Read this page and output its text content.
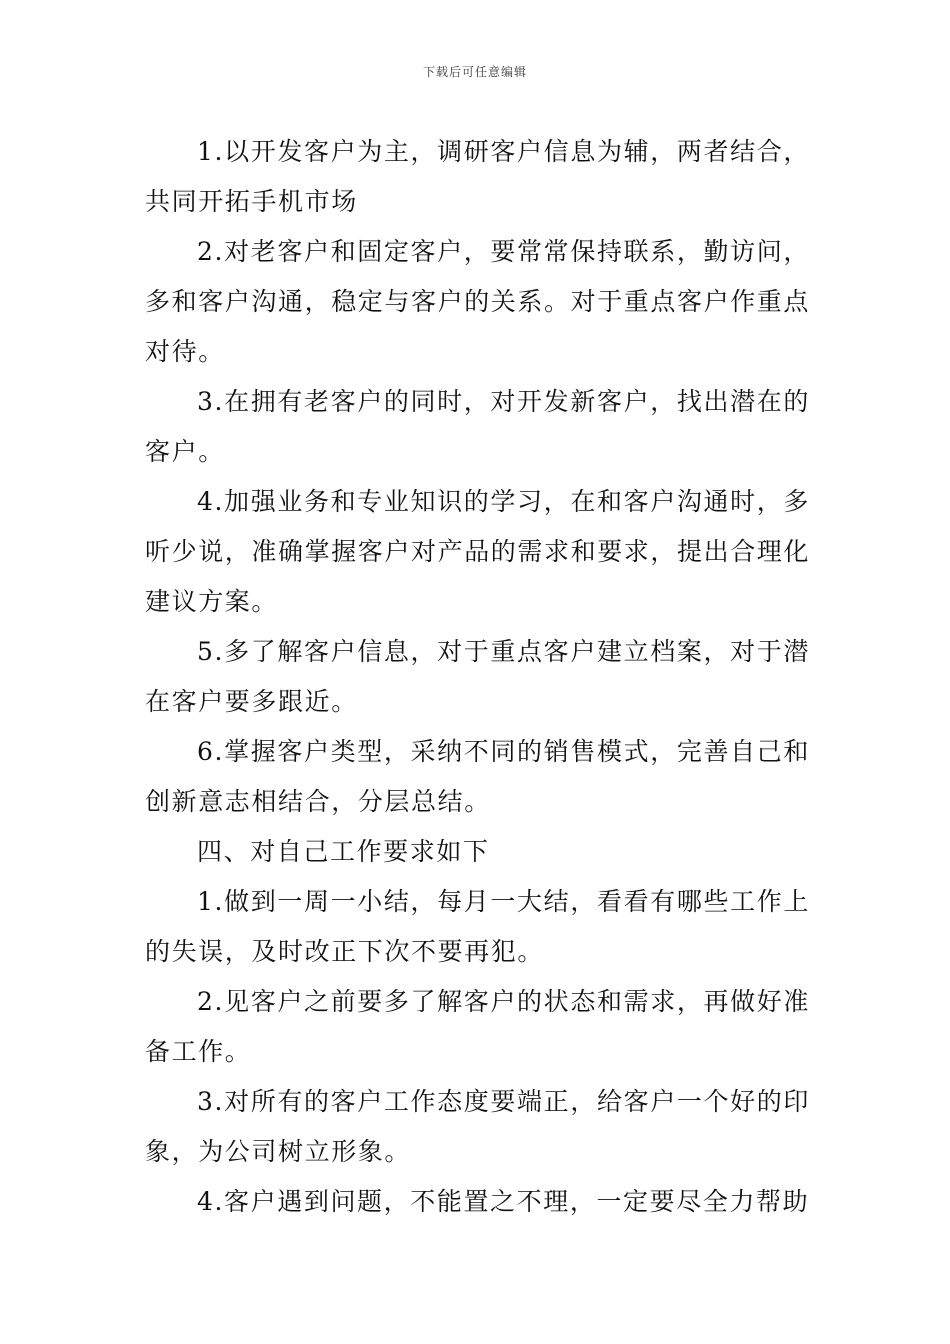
下载后可任意编辑

1.以开发客户为主，调研客户信息为辅，两者结合，共同开拓手机市场

2.对老客户和固定客户，要常常保持联系，勤访问，多和客户沟通，稳定与客户的关系。对于重点客户作重点对待。

3.在拥有老客户的同时，对开发新客户，找出潜在的客户。

4.加强业务和专业知识的学习，在和客户沟通时，多听少说，准确掌握客户对产品的需求和要求，提出合理化建议方案。

5.多了解客户信息，对于重点客户建立档案，对于潜在客户要多跟近。

6.掌握客户类型，采纳不同的销售模式，完善自己和创新意志相结合，分层总结。

四、对自己工作要求如下

1.做到一周一小结，每月一大结，看看有哪些工作上的失误，及时改正下次不要再犯。

2.见客户之前要多了解客户的状态和需求，再做好准备工作。

3.对所有的客户工作态度要端正，给客户一个好的印象，为公司树立形象。

4.客户遇到问题，不能置之不理，一定要尽全力帮助
